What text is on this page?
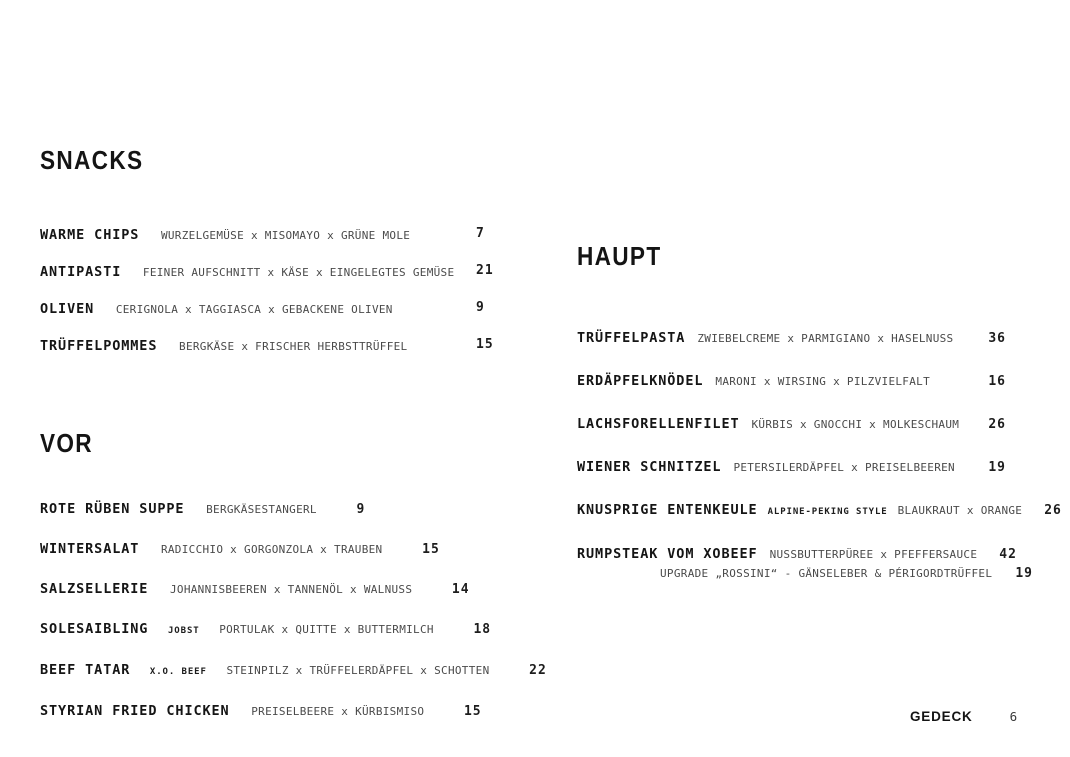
SNACKS
WARME CHIPS WURZELGEMÜSE x MISOMAYO x GRÜNE MOLE	7
ANTIPASTI FEINER AUFSCHNITT x KÄSE x EINGELEGTES GEMÜSE 21
OLIVEN CERIGNOLA x TAGGIASCA x GEBACKENE OLIVEN	9
TRÜFFELPOMMES BERGKÄSE x FRISCHER HERBSTTRÜFFEL	15
VOR
ROTE RÜBEN SUPPE BERGKÄSESTANGERL	9
WINTERSALAT RADICCHIO x GORGONZOLA x TRAUBEN	15
SALZSELLERIE JOHANNISBEEREN x TANNENÖL x WALNUSS	14
SOLESAIBLING JOBST PORTULAK x QUITTE x BUTTERMILCH	18
BEEF TATAR X.O. BEEF STEINPILZ x TRÜFFELERDÄPFEL x SCHOTTEN	22
STYRIAN FRIED CHICKEN PREISELBEERE x KÜRBISMISO	15
HAUPT
TRÜFFELPASTA ZWIEBELCREME x PARMIGIANO x HASELNUSS	36
ERDÄPFELKNÖDEL MARONI x WIRSING x PILZVIELFALT	16
LACHSFORELLENFILET KÜRBIS x GNOCCHI x MOLKESCHAUM	26
WIENER SCHNITZEL PETERSILERDÄPFEL x PREISELBEEREN	19
KNUSPRIGE ENTENKEULE ALPINE-PEKING STYLE BLAUKRAUT x ORANGE	26
RUMPSTEAK VOM XOBEEF NUSSBUTTERPÜREE x PFEFFERSAUCE	42
UPGRADE „ROSSINI“ - GÄNSELEBER & PÉRIGORDTRÜFFEL	19
GEDECK	6
